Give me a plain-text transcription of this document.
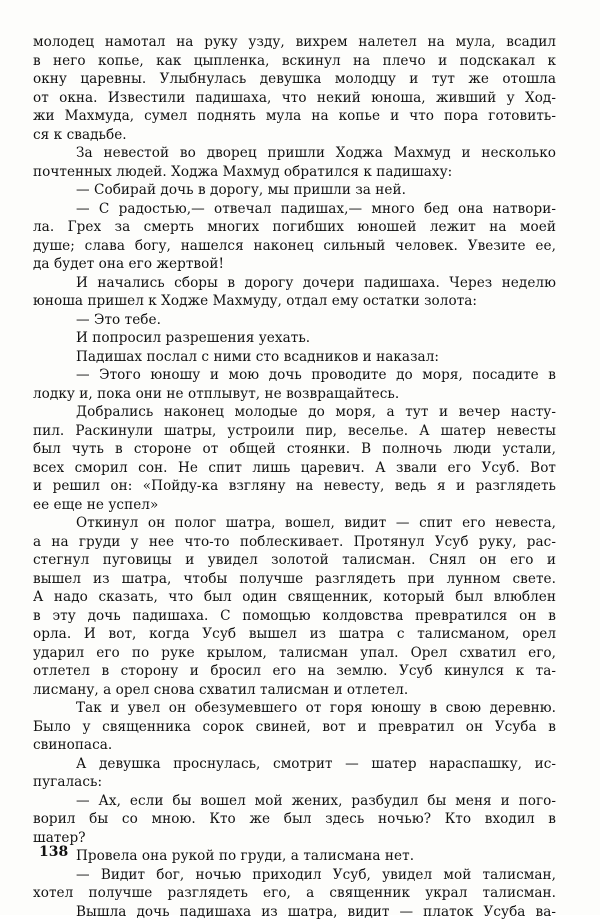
молодец намотал на руку узду, вихрем налетел на мула, всадил
в него копье, как цыпленка, вскинул на плечо и подскакал к
окну царевны. Улыбнулась девушка молодцу и тут же отошла
от окна. Известили падишаха, что некий юноша, живший у Ход-
жи Махмуда, сумел поднять мула на копье и что пора готовить-
ся к свадьбе.
За невестой во дворец пришли Ходжа Махмуд и несколько
почтенных людей. Ходжа Махмуд обратился к падишаху:
— Собирай дочь в дорогу, мы пришли за ней.
— С радостью,— отвечал падишах,— много бед она натвори-
ла. Грех за смерть многих погибших юношей лежит на моей
душе; слава богу, нашелся наконец сильный человек. Увезите ее,
да будет она его жертвой!
И начались сборы в дорогу дочери падишаха. Через неделю
юноша пришел к Ходже Махмуду, отдал ему остатки золота:
— Это тебе.
И попросил разрешения уехать.
Падишах послал с ними сто всадников и наказал:
— Этого юношу и мою дочь проводите до моря, посадите в
лодку и, пока они не отплывут, не возвращайтесь.
Добрались наконец молодые до моря, а тут и вечер насту-
пил. Раскинули шатры, устроили пир, веселье. А шатер невесты
был чуть в стороне от общей стоянки. В полночь люди устали,
всех сморил сон. Не спит лишь царевич. А звали его Усуб. Вот
и решил он: «Пойду-ка взгляну на невесту, ведь я и разглядеть
ее еще не успел»
Откинул он полог шатра, вошел, видит — спит его невеста,
а на груди у нее что-то поблескивает. Протянул Усуб руку, рас-
стегнул пуговицы и увидел золотой талисман. Снял он его и
вышел из шатра, чтобы получше разглядеть при лунном свете.
А надо сказать, что был один священник, который был влюблен
в эту дочь падишаха. С помощью колдовства превратился он в
орла. И вот, когда Усуб вышел из шатра с талисманом, орел
ударил его по руке крылом, талисман упал. Орел схватил его,
отлетел в сторону и бросил его на землю. Усуб кинулся к та-
лисману, а орел снова схватил талисман и отлетел.
Так и увел он обезумевшего от горя юношу в свою деревню.
Было у священника сорок свиней, вот и превратил он Усуба в
свинопаса.
А девушка проснулась, смотрит — шатер нараспашку, ис-
пугалась:
— Ах, если бы вошел мой жених, разбудил бы меня и пого-
ворил бы со мною. Кто же был здесь ночью? Кто входил в
шатер?
Провела она рукой по груди, а талисмана нет.
— Видит бог, ночью приходил Усуб, увидел мой талисман,
хотел получше разглядеть его, а священник украл талисман.
Вышла дочь падишаха из шатра, видит — платок Усуба ва-
138
